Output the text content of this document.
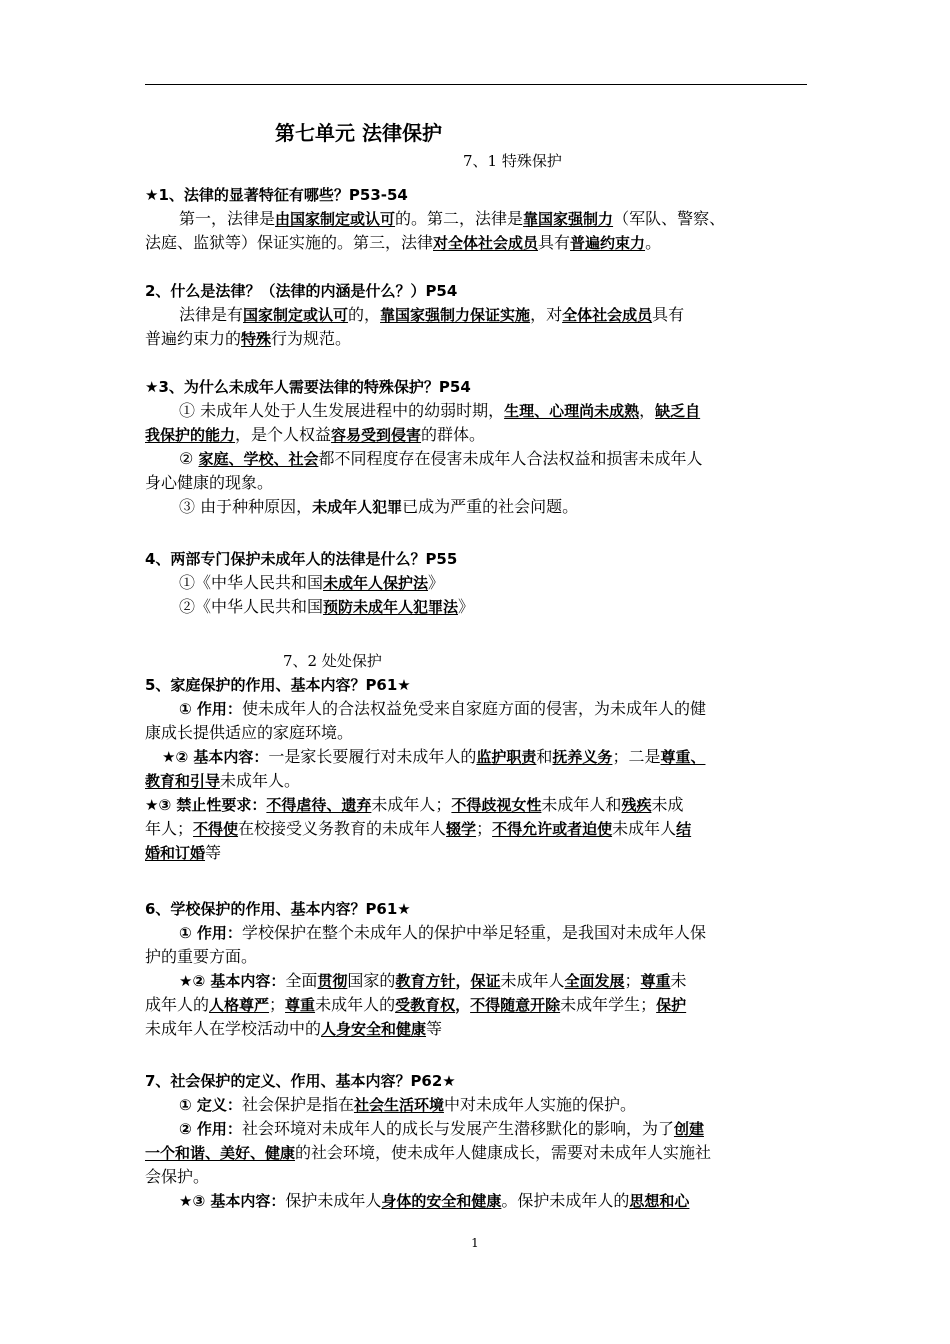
第七单元 法律保护
7、1 特殊保护
7、2 处处保护
★1、法律的显著特征有哪些？P53-54
第一，法律是由国家制定或认可的。第二，法律是靠国家强制力（军队、警察、
法庭、监狱等）保证实施的。第三，法律对全体社会成员具有普遍约束力。
2、什么是法律？（法律的内涵是什么？）P54
法律是有国家制定或认可的，靠国家强制力保证实施，对全体社会成员具有
普遍约束力的特殊行为规范。
★3、为什么未成年人需要法律的特殊保护？P54
① 未成年人处于人生发展进程中的幼弱时期，生理、心理尚未成熟，缺乏自
我保护的能力，是个人权益容易受到侵害的群体。
② 家庭、学校、社会都不同程度存在侵害未成年人合法权益和损害未成年人
身心健康的现象。
③ 由于种种原因，未成年人犯罪已成为严重的社会问题。
4、两部专门保护未成年人的法律是什么？P55
①《中华人民共和国未成年人保护法》
②《中华人民共和国预防未成年人犯罪法》
5、家庭保护的作用、基本内容？P61★
① 作用：使未成年人的合法权益免受来自家庭方面的侵害，为未成年人的健
康成长提供适应的家庭环境。
★② 基本内容：一是家长要履行对未成年人的监护职责和抚养义务；二是尊重、
教育和引导未成年人。
★③ 禁止性要求：不得虐待、遗弃未成年人；不得歧视女性未成年人和残疾未成
年人；不得使在校接受义务教育的未成年人辍学；不得允许或者迫使未成年人结
婚和订婚等
6、学校保护的作用、基本内容？P61★
① 作用：学校保护在整个未成年人的保护中举足轻重，是我国对未成年人保
护的重要方面。
★② 基本内容：全面贯彻国家的教育方针，保证未成年人全面发展；尊重未
成年人的人格尊严；尊重未成年人的受教育权，不得随意开除未成年学生；保护
未成年人在学校活动中的人身安全和健康等
7、社会保护的定义、作用、基本内容？P62★
① 定义：社会保护是指在社会生活环境中对未成年人实施的保护。
② 作用：社会环境对未成年人的成长与发展产生潜移默化的影响，为了创建
一个和谐、美好、健康的社会环境，使未成年人健康成长，需要对未成年人实施社
会保护。
★③ 基本内容：保护未成年人身体的安全和健康。保护未成年人的思想和心
1
